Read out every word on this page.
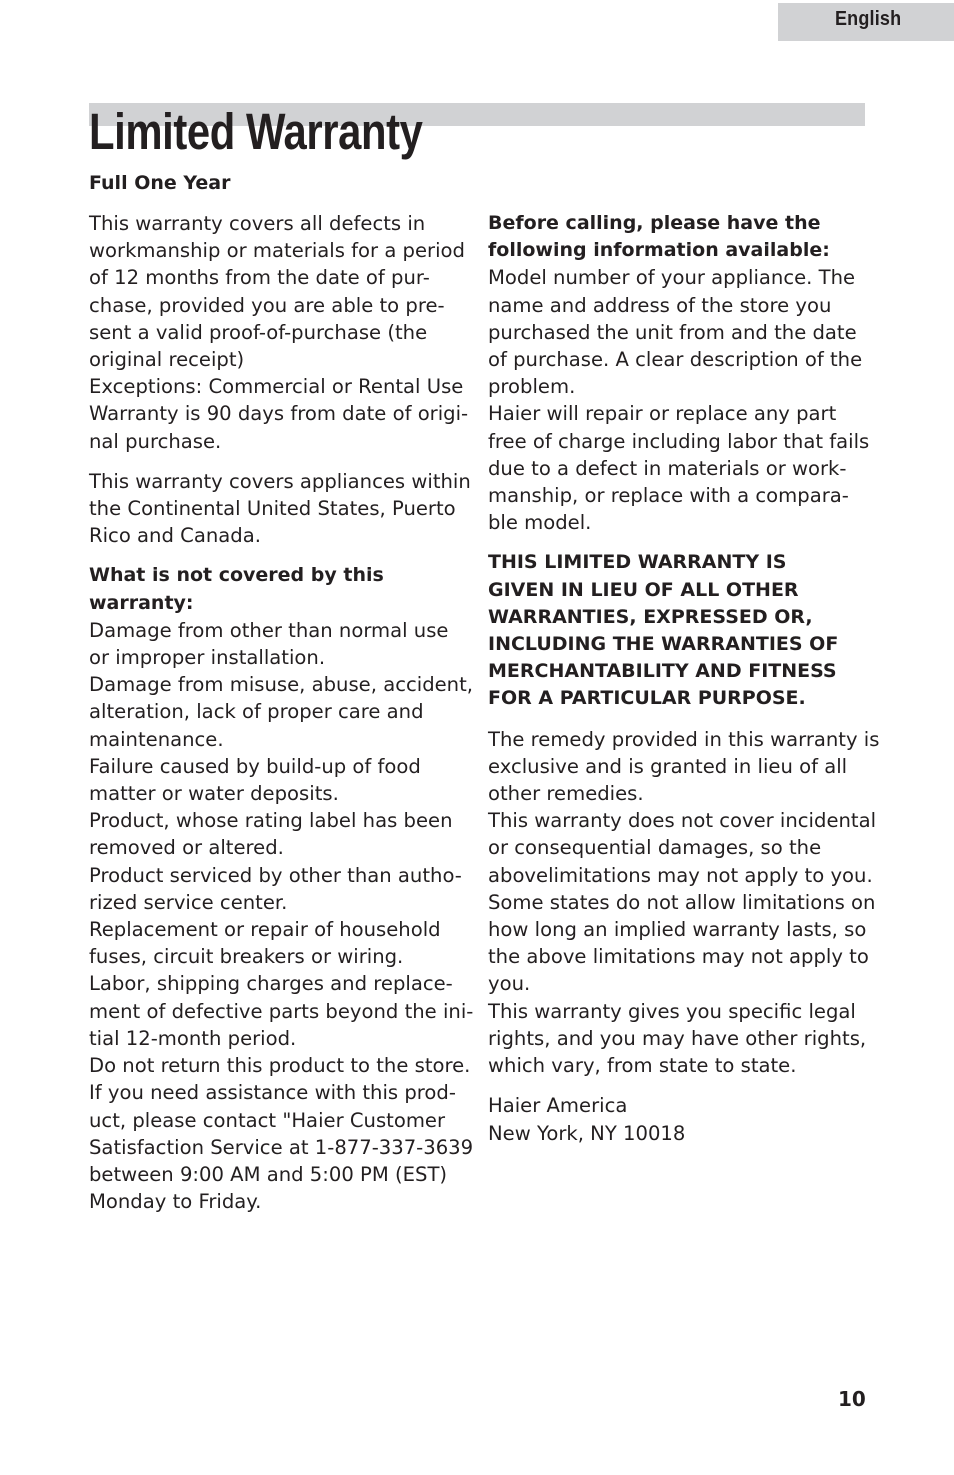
English
Limited Warranty
Full One Year
This warranty covers all defects in
workmanship or materials for a period
of 12 months from the date of pur-
chase, provided you are able to pre-
sent a valid proof-of-purchase (the
original receipt)
Exceptions: Commercial or Rental Use
Warranty is 90 days from date of origi-
nal purchase.
This warranty covers appliances within
the Continental United States, Puerto
Rico and Canada.
What is not covered by this
warranty:
Damage from other than normal use
or improper installation.
Damage from misuse, abuse, accident,
alteration, lack of proper care and
maintenance.
Failure caused by build-up of food
matter or water deposits.
Product, whose rating label has been
removed or altered.
Product serviced by other than autho-
rized service center.
Replacement or repair of household
fuses, circuit breakers or wiring.
Labor, shipping charges and replace-
ment of defective parts beyond the ini-
tial 12-month period.
Do not return this product to the store.
If you need assistance with this prod-
uct, please contact "Haier Customer
Satisfaction Service at 1-877-337-3639
between 9:00 AM and 5:00 PM (EST)
Monday to Friday.
Before calling, please have the
following information available:
Model number of your appliance. The
name and address of the store you
purchased the unit from and the date
of purchase. A clear description of the
problem.
Haier will repair or replace any part
free of charge including labor that fails
due to a defect in materials or work-
manship, or replace with a compara-
ble model.
THIS LIMITED WARRANTY IS
GIVEN IN LIEU OF ALL OTHER
WARRANTIES, EXPRESSED OR,
INCLUDING THE WARRANTIES OF
MERCHANTABILITY AND FITNESS
FOR A PARTICULAR PURPOSE.
The remedy provided in this warranty is
exclusive and is granted in lieu of all
other remedies.
This warranty does not cover incidental
or consequential damages, so the
abovelimitations may not apply to you.
Some states do not allow limitations on
how long an implied warranty lasts, so
the above limitations may not apply to
you.
This warranty gives you specific legal
rights, and you may have other rights,
which vary, from state to state.
Haier America
New York, NY 10018
10
